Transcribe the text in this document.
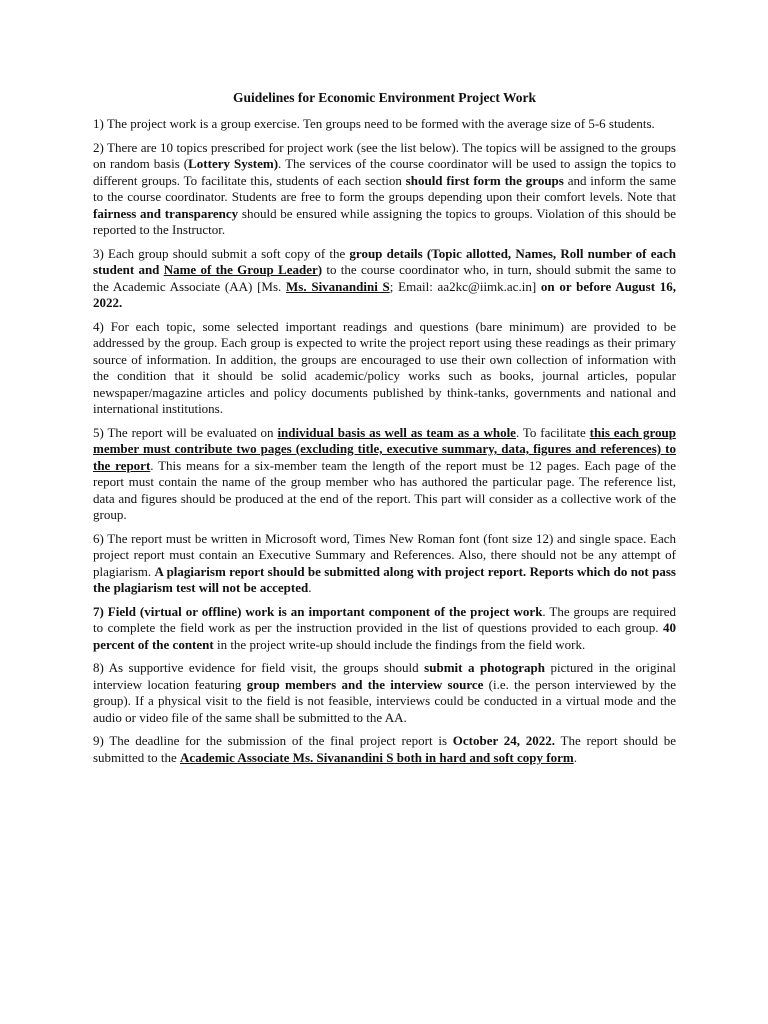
Guidelines for Economic Environment Project Work

1) The project work is a group exercise. Ten groups need to be formed with the average size of 5-6 students.

2) There are 10 topics prescribed for project work (see the list below). The topics will be assigned to the groups on random basis (Lottery System). The services of the course coordinator will be used to assign the topics to different groups. To facilitate this, students of each section should first form the groups and inform the same to the course coordinator. Students are free to form the groups depending upon their comfort levels. Note that fairness and transparency should be ensured while assigning the topics to groups. Violation of this should be reported to the Instructor.

3) Each group should submit a soft copy of the group details (Topic allotted, Names, Roll number of each student and Name of the Group Leader) to the course coordinator who, in turn, should submit the same to the Academic Associate (AA) [Ms. Ms. Sivanandini S; Email: aa2kc@iimk.ac.in] on or before August 16, 2022.

4) For each topic, some selected important readings and questions (bare minimum) are provided to be addressed by the group. Each group is expected to write the project report using these readings as their primary source of information. In addition, the groups are encouraged to use their own collection of information with the condition that it should be solid academic/policy works such as books, journal articles, popular newspaper/magazine articles and policy documents published by think-tanks, governments and national and international institutions.

5) The report will be evaluated on individual basis as well as team as a whole. To facilitate this each group member must contribute two pages (excluding title, executive summary, data, figures and references) to the report. This means for a six-member team the length of the report must be 12 pages. Each page of the report must contain the name of the group member who has authored the particular page. The reference list, data and figures should be produced at the end of the report. This part will consider as a collective work of the group.

6) The report must be written in Microsoft word, Times New Roman font (font size 12) and single space. Each project report must contain an Executive Summary and References. Also, there should not be any attempt of plagiarism. A plagiarism report should be submitted along with project report. Reports which do not pass the plagiarism test will not be accepted.

7) Field (virtual or offline) work is an important component of the project work. The groups are required to complete the field work as per the instruction provided in the list of questions provided to each group. 40 percent of the content in the project write-up should include the findings from the field work.

8) As supportive evidence for field visit, the groups should submit a photograph pictured in the original interview location featuring group members and the interview source (i.e. the person interviewed by the group). If a physical visit to the field is not feasible, interviews could be conducted in a virtual mode and the audio or video file of the same shall be submitted to the AA.

9) The deadline for the submission of the final project report is October 24, 2022. The report should be submitted to the Academic Associate Ms. Sivanandini S both in hard and soft copy form.
